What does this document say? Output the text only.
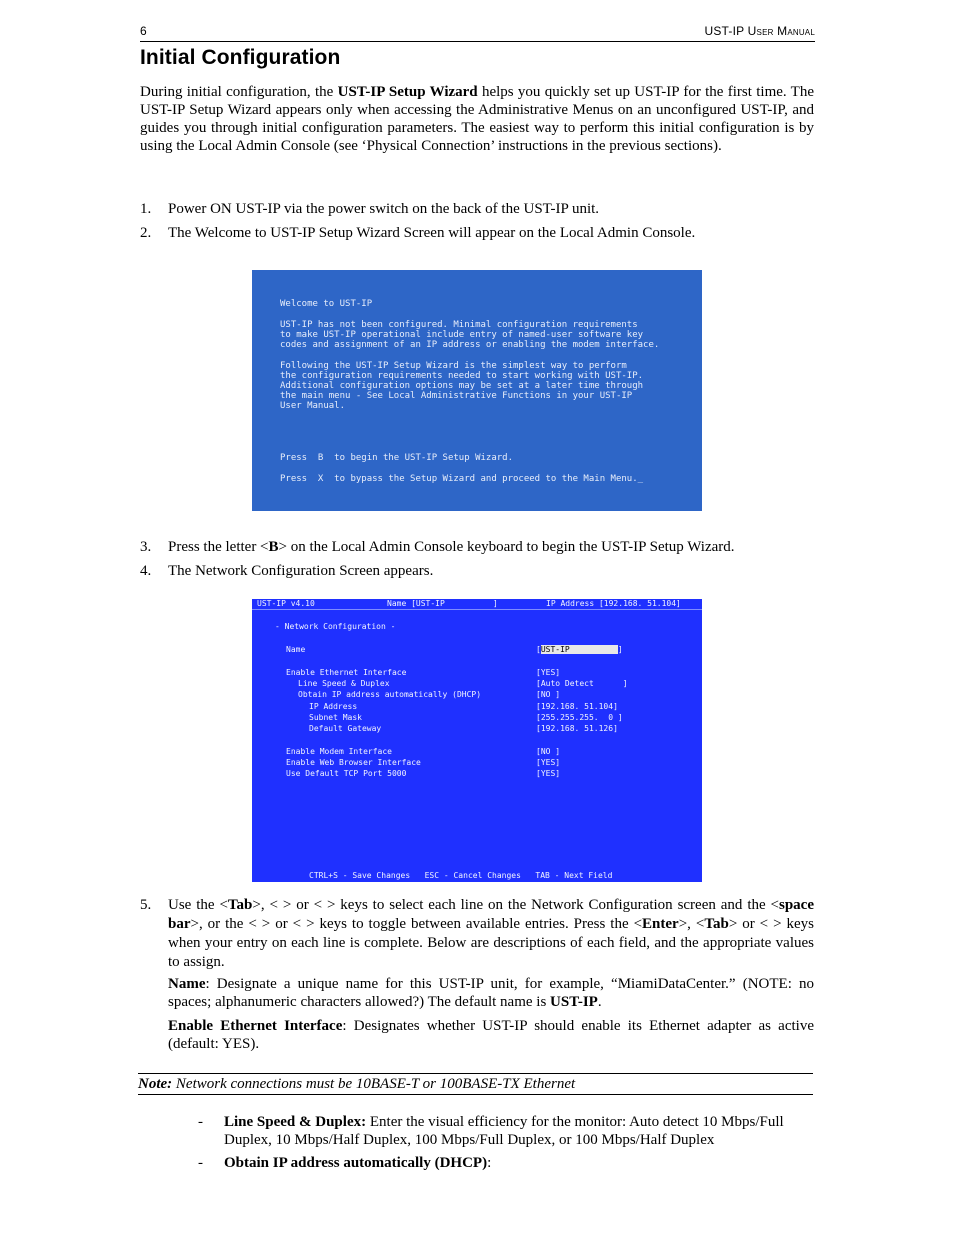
6	UST-IP User Manual
Initial Configuration

During initial configuration, the UST-IP Setup Wizard helps you quickly set up UST-IP for the first time. The UST-IP Setup Wizard appears only when accessing the Administrative Menus on an unconfigured UST-IP, and guides you through initial configuration parameters. The easiest way to perform this initial configuration is by using the Local Admin Console (see ‘Physical Connection’ instructions in the previous sections).

1. Power ON UST-IP via the power switch on the back of the UST-IP unit.
2. The Welcome to UST-IP Setup Wizard Screen will appear on the Local Admin Console.
Welcome to UST-IP
UST-IP has not been configured. Minimal configuration requirements
to make UST-IP operational include entry of named-user software key
codes and assignment of an IP address or enabling the modem interface.
Following the UST-IP Setup Wizard is the simplest way to perform
the configuration requirements needed to start working with UST-IP.
Additional configuration options may be set at a later time through
the main menu - See Local Administrative Functions in your UST-IP
User Manual.
Press  B  to begin the UST-IP Setup Wizard.
Press  X  to bypass the Setup Wizard and proceed to the Main Menu._
3. Press the letter <B> on the Local Admin Console keyboard to begin the UST-IP Setup Wizard.
4. The Network Configuration Screen appears.
UST-IP v4.10	Name [UST-IP          ]	IP Address [192.168. 51.104]
- Network Configuration -
Name	[UST-IP	]
Enable Ethernet Interface	[YES]
Line Speed & Duplex	[Auto Detect      ]
Obtain IP address automatically (DHCP)	[NO ]
IP Address	[192.168. 51.104]
Subnet Mask	[255.255.255.  0 ]
Default Gateway	[192.168. 51.126]
Enable Modem Interface	[NO ]
Enable Web Browser Interface	[YES]
Use Default TCP Port 5000	[YES]
CTRL+S - Save Changes   ESC - Cancel Changes   TAB - Next Field
5. Use the <Tab>, < > or < > keys to select each line on the Network Configuration screen and the <space bar>, or the < > or < > keys to toggle between available entries. Press the <Enter>, <Tab> or < > keys when your entry on each line is complete. Below are descriptions of each field, and the appropriate values to assign.
Name: Designate a unique name for this UST-IP unit, for example, “MiamiDataCenter.” (NOTE: no spaces; alphanumeric characters allowed?) The default name is UST-IP.
Enable Ethernet Interface: Designates whether UST-IP should enable its Ethernet adapter as active (default: YES).
Note: Network connections must be 10BASE-T or 100BASE-TX Ethernet
- Line Speed & Duplex: Enter the visual efficiency for the monitor: Auto detect 10 Mbps/Full Duplex, 10 Mbps/Half Duplex, 100 Mbps/Full Duplex, or 100 Mbps/Half Duplex
- Obtain IP address automatically (DHCP):
